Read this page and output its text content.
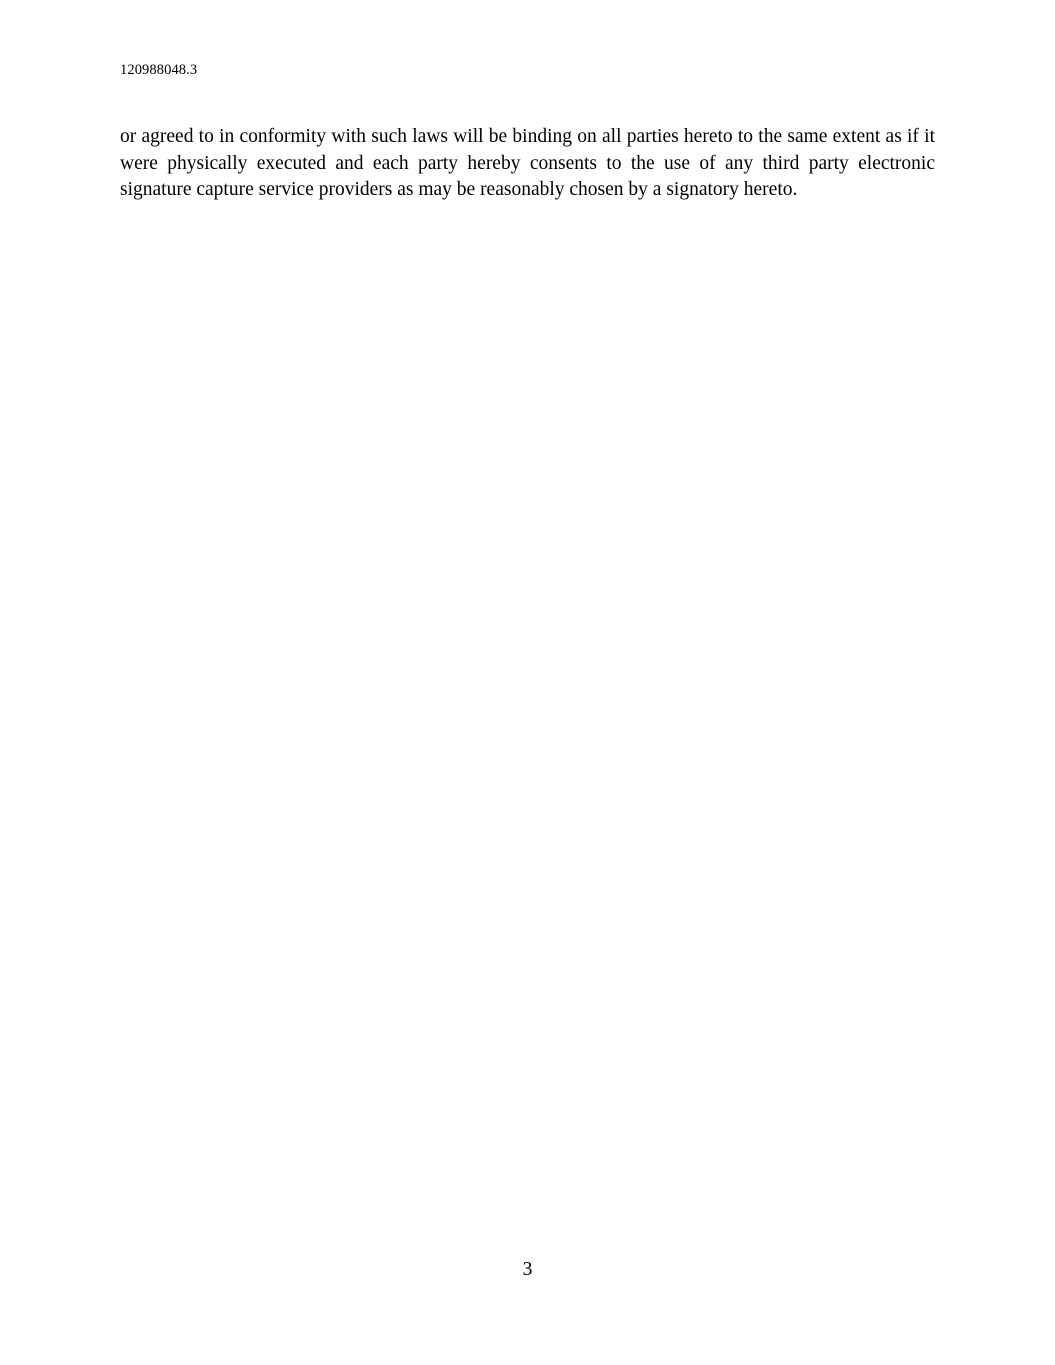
120988048.3

or agreed to in conformity with such laws will be binding on all parties hereto to the same extent as if it were physically executed and each party hereby consents to the use of any third party electronic signature capture service providers as may be reasonably chosen by a signatory hereto.

3
